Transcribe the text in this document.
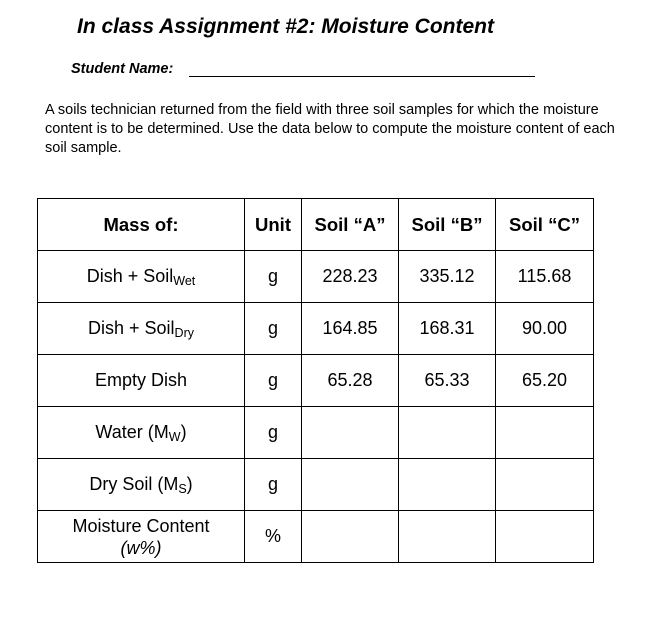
In class Assignment #2: Moisture Content
Student Name:
A soils technician returned from the field with three soil samples for which the moisture content is to be determined. Use the data below to compute the moisture content of each soil sample.
Mass of:	Unit	Soil “A”	Soil “B”	Soil “C”
Dish + Soil$_{Wet}$	g	228.23	335.12	115.68
Dish + Soil$_{Dry}$	g	164.85	168.31	90.00
Empty Dish	g	65.28	65.33	65.20
Water $(M_W)$	g			
Dry Soil $(M_S)$	g			
Moisture Content
(w%)	%			
